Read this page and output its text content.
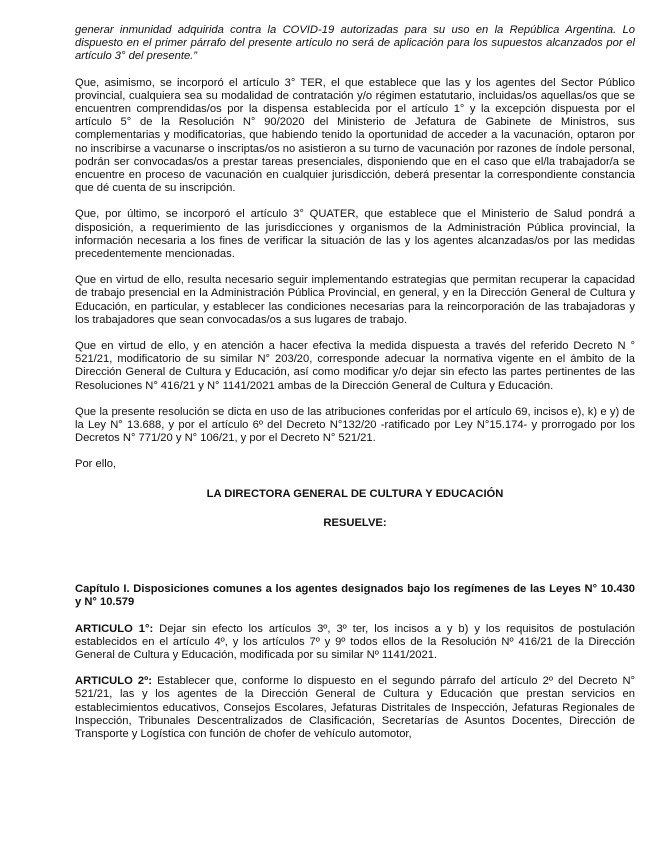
generar inmunidad adquirida contra la COVID-19 autorizadas para su uso en la República Argentina. Lo dispuesto en el primer párrafo del presente artículo no será de aplicación para los supuestos alcanzados por el artículo 3° del presente.”

Que, asimismo, se incorporó el artículo 3° TER, el que establece que las y los agentes del Sector Público provincial, cualquiera sea su modalidad de contratación y/o régimen estatutario, incluidas/os aquellas/os que se encuentren comprendidas/os por la dispensa establecida por el artículo 1° y la excepción dispuesta por el artículo 5° de la Resolución N° 90/2020 del Ministerio de Jefatura de Gabinete de Ministros, sus complementarias y modificatorias, que habiendo tenido la oportunidad de acceder a la vacunación, optaron por no inscribirse a vacunarse o inscriptas/os no asistieron a su turno de vacunación por razones de índole personal, podrán ser convocadas/os a prestar tareas presenciales, disponiendo que en el caso que el/la trabajador/a se encuentre en proceso de vacunación en cualquier jurisdicción, deberá presentar la correspondiente constancia que dé cuenta de su inscripción.

Que, por último, se incorporó el artículo 3° QUATER, que establece que el Ministerio de Salud pondrá a disposición, a requerimiento de las jurisdicciones y organismos de la Administración Pública provincial, la información necesaria a los fines de verificar la situación de las y los agentes alcanzadas/os por las medidas precedentemente mencionadas.

Que en virtud de ello, resulta necesario seguir implementando estrategias que permitan recuperar la capacidad de trabajo presencial en la Administración Pública Provincial, en general, y en la Dirección General de Cultura y Educación, en particular, y establecer las condiciones necesarias para la reincorporación de las trabajadoras y los trabajadores que sean convocadas/os a sus lugares de trabajo.

Que en virtud de ello, y en atención a hacer efectiva la medida dispuesta a través del referido Decreto N ° 521/21, modificatorio de su similar N° 203/20, corresponde adecuar la normativa vigente en el ámbito de la Dirección General de Cultura y Educación, así como modificar y/o dejar sin efecto las partes pertinentes de las Resoluciones N° 416/21 y N° 1141/2021 ambas de la Dirección General de Cultura y Educación.

Que la presente resolución se dicta en uso de las atribuciones conferidas por el artículo 69, incisos e), k) e y) de la Ley N° 13.688, y por el artículo 6º del Decreto N°132/20 -ratificado por Ley N°15.174- y prorrogado por los Decretos N° 771/20 y N° 106/21, y por el Decreto N° 521/21.

Por ello,

LA DIRECTORA GENERAL DE CULTURA Y EDUCACIÓN

RESUELVE:

Capítulo I. Disposiciones comunes a los agentes designados bajo los regímenes de las Leyes N° 10.430 y N° 10.579

ARTICULO 1°: Dejar sin efecto los artículos 3º, 3º ter, los incisos a y b) y los requisitos de postulación establecidos en el artículo 4º, y los artículos 7º y 9º todos ellos de la Resolución Nº 416/21 de la Dirección General de Cultura y Educación, modificada por su similar Nº 1141/2021.

ARTICULO 2º: Establecer que, conforme lo dispuesto en el segundo párrafo del artículo 2º del Decreto N° 521/21, las y los agentes de la Dirección General de Cultura y Educación que prestan servicios en establecimientos educativos, Consejos Escolares, Jefaturas Distritales de Inspección, Jefaturas Regionales de Inspección, Tribunales Descentralizados de Clasificación, Secretarías de Asuntos Docentes, Dirección de Transporte y Logística con función de chofer de vehículo automotor,
